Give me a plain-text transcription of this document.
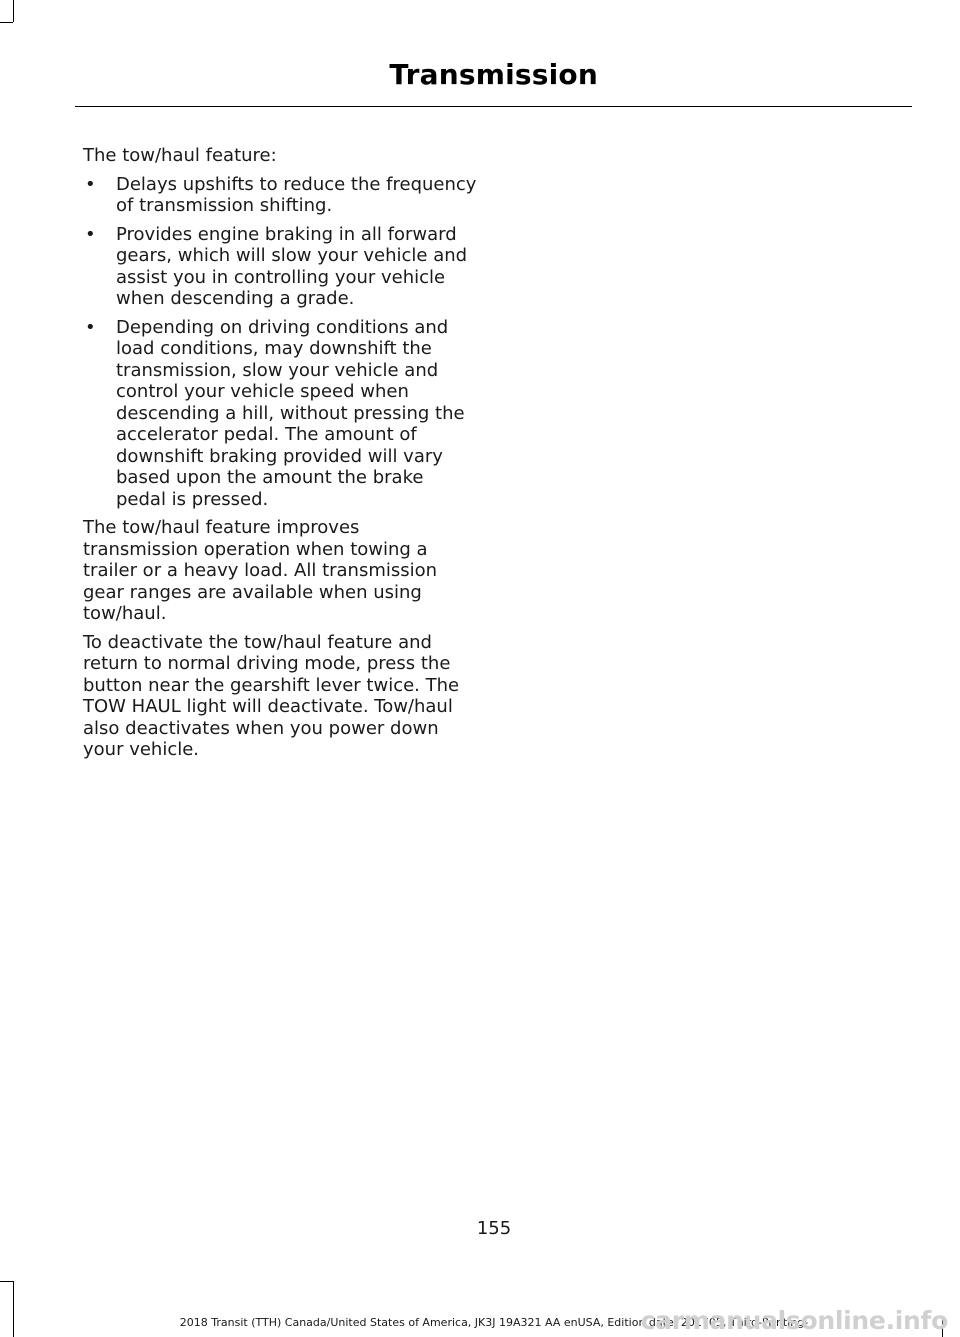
Transmission

The tow/haul feature:

• Delays upshifts to reduce the frequency of transmission shifting.
• Provides engine braking in all forward gears, which will slow your vehicle and assist you in controlling your vehicle when descending a grade.
• Depending on driving conditions and load conditions, may downshift the transmission, slow your vehicle and control your vehicle speed when descending a hill, without pressing the accelerator pedal. The amount of downshift braking provided will vary based upon the amount the brake pedal is pressed.

The tow/haul feature improves transmission operation when towing a trailer or a heavy load. All transmission gear ranges are available when using tow/haul.

To deactivate the tow/haul feature and return to normal driving mode, press the button near the gearshift lever twice. The TOW HAUL light will deactivate. Tow/haul also deactivates when you power down your vehicle.

155
2018 Transit (TTH) Canada/United States of America, JK3J 19A321 AA enUSA, Edition date: 201705, Third-Printing-
carmanualsonline.info
